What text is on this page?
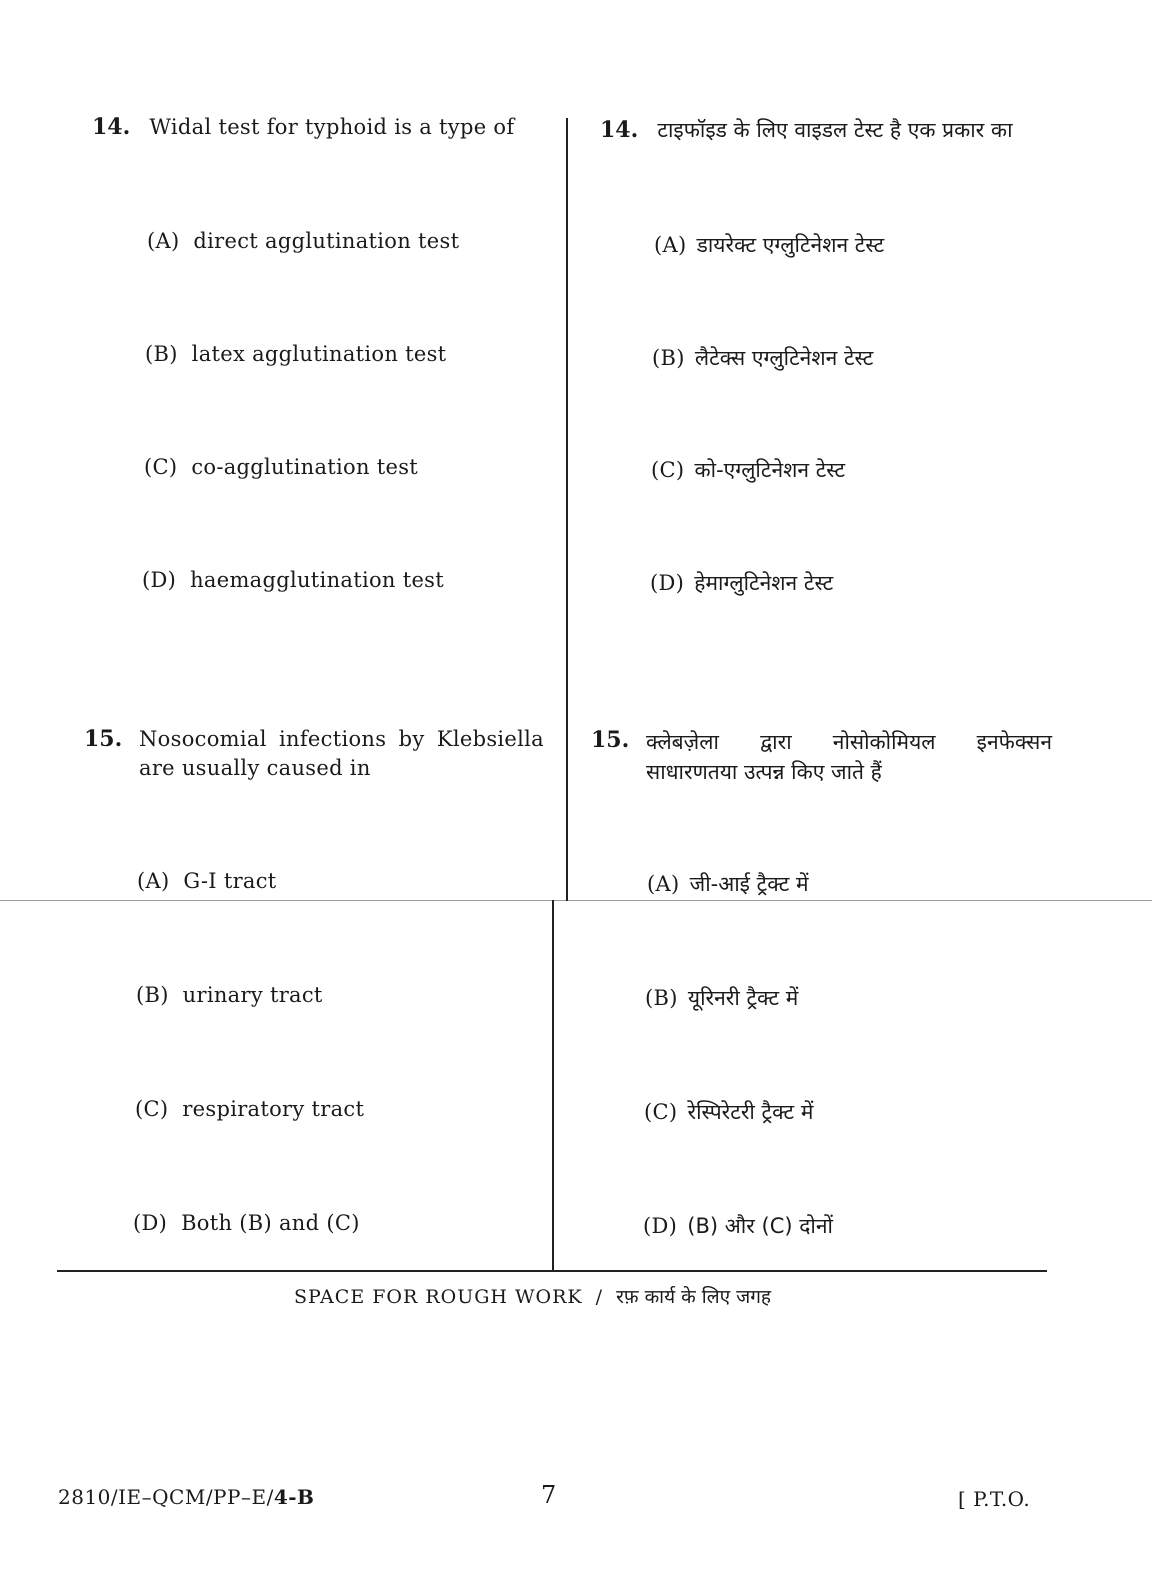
14. Widal test for typhoid is a type of
(A) direct agglutination test
(B) latex agglutination test
(C) co-agglutination test
(D) haemagglutination test
14. टाइफॉइड के लिए वाइडल टेस्ट है एक प्रकार का
(A) डायरेक्ट एग्लुटिनेशन टेस्ट
(B) लैटेक्स एग्लुटिनेशन टेस्ट
(C) को-एग्लुटिनेशन टेस्ट
(D) हेमाग्लुटिनेशन टेस्ट
15. Nosocomial infections by Klebsiella
are usually caused in
(A) G-I tract
(B) urinary tract
(C) respiratory tract
(D) Both (B) and (C)
15. क्लेबज़ेला द्वारा नोसोकोमियल इनफेक्सन
साधारणतया उत्पन्न किए जाते हैं
(A) जी-आई ट्रैक्ट में
(B) यूरिनरी ट्रैक्ट में
(C) रेस्पिरेटरी ट्रैक्ट में
(D) (B) और (C) दोनों
SPACE FOR ROUGH WORK / रफ़ कार्य के लिए जगह
2810/IE–QCM/PP–E/4-B	7	[ P.T.O.
